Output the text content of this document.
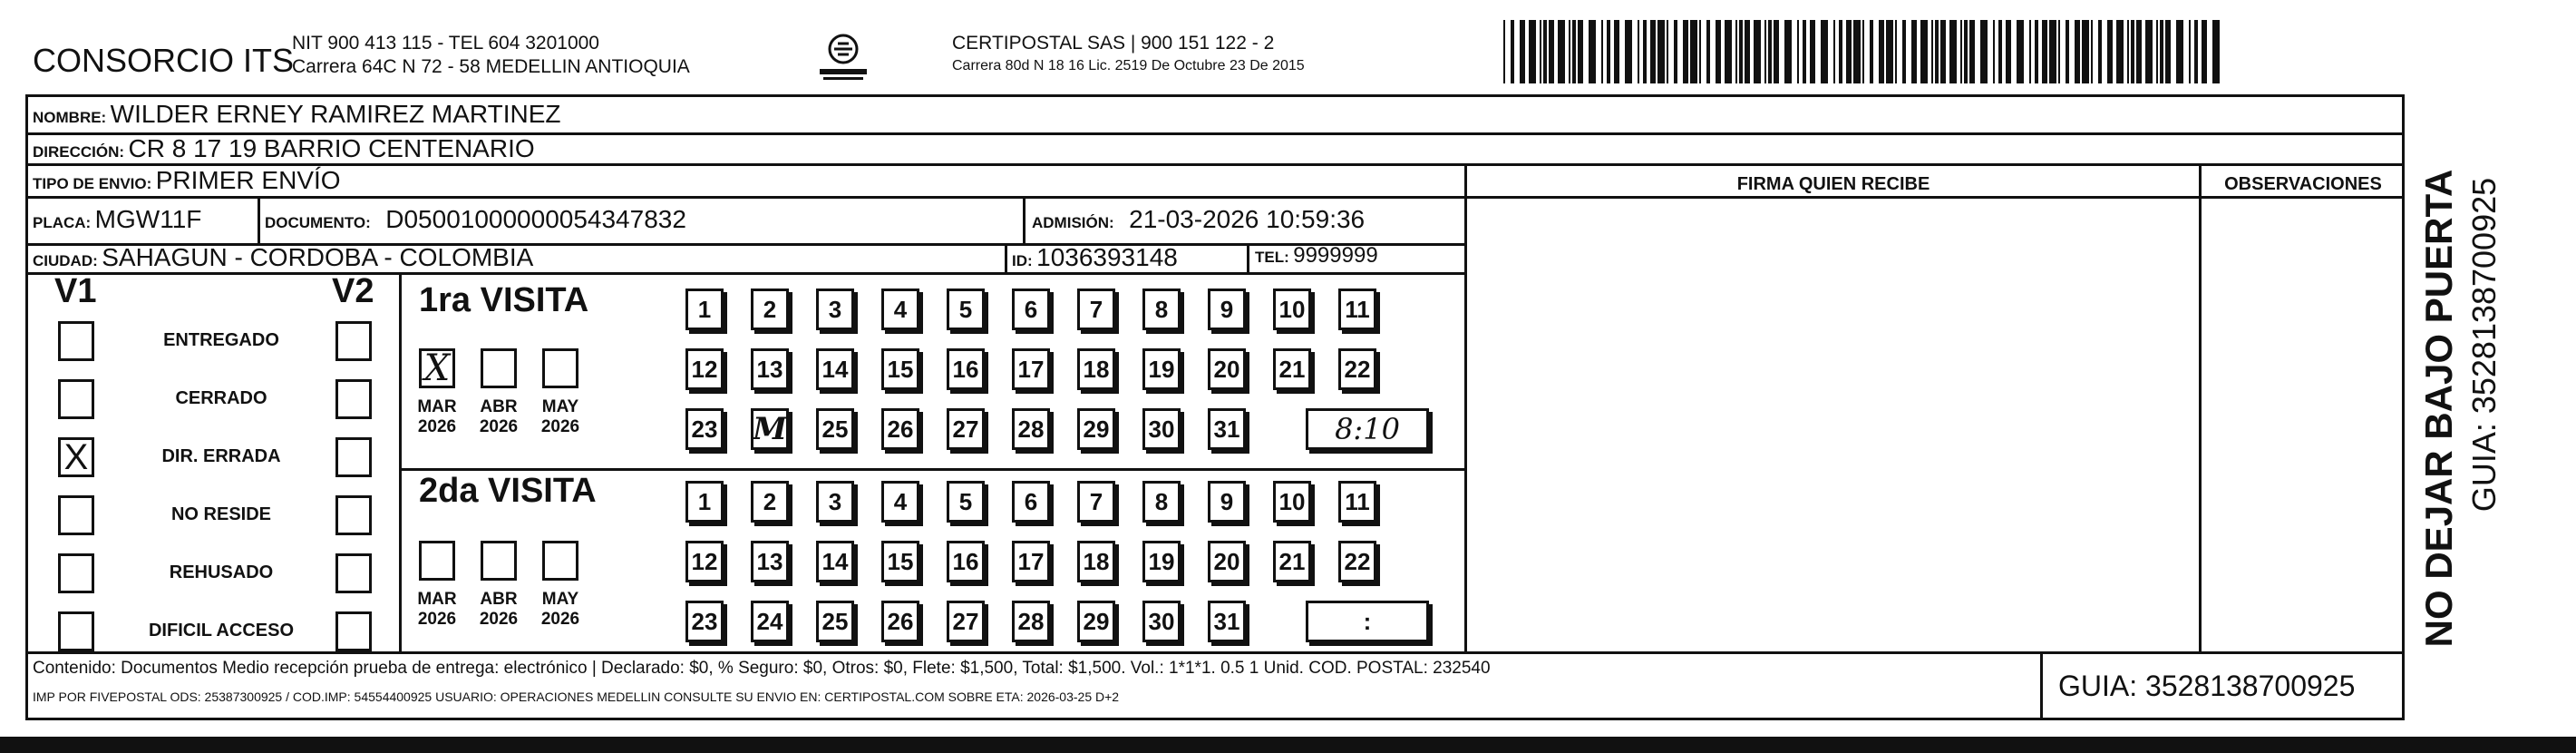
CONSORCIO ITS
NIT 900 413 115 - TEL 604 3201000
Carrera 64C N 72 - 58 MEDELLIN ANTIOQUIA
CERTIPOSTAL SAS | 900 151 122 - 2
Carrera 80d N 18 16 Lic. 2519 De Octubre 23 De 2015
NOMBRE: WILDER ERNEY RAMIREZ MARTINEZ
DIRECCIÓN: CR 8 17 19 BARRIO CENTENARIO
TIPO DE ENVIO: PRIMER ENVÍO	FIRMA QUIEN RECIBE	OBSERVACIONES
PLACA: MGW11F	DOCUMENTO: D05001000000054347832	ADMISIÓN: 21-03-2026 10:59:36
CIUDAD: SAHAGUN - CORDOBA - COLOMBIA	ID: 1036393148	TEL: 9999999
V1	V2
ENTREGADO
CERRADO
X	DIR. ERRADA
NO RESIDE
REHUSADO
DIFICIL ACCESO
1ra VISITA
2da VISITA
X
MAR
2026
ABR
2026
MAY
2026
1	2	3	4	5	6	7	8	9	10 11
12 13 14 15 16 17 18 19 20 21 22
23 M 25 26 27 28 29 30 31	8:10
MAR
2026
ABR
2026
MAY
2026
1	2	3	4	5	6	7	8	9	10 11
12 13 14 15 16 17 18 19 20 21 22
23 24 25 26 27 28 29 30 31	:
Contenido: Documentos Medio recepción prueba de entrega: electrónico | Declarado: $0, % Seguro: $0, Otros: $0, Flete: $1,500, Total: $1,500. Vol.: 1*1*1. 0.5 1 Unid. COD. POSTAL: 232540
IMP POR FIVEPOSTAL ODS: 25387300925 / COD.IMP: 54554400925 USUARIO: OPERACIONES MEDELLIN CONSULTE SU ENVIO EN: CERTIPOSTAL.COM SOBRE ETA: 2026-03-25 D+2	GUIA: 3528138700925
NO DEJAR BAJO PUERTA GUIA: 3528138700925
